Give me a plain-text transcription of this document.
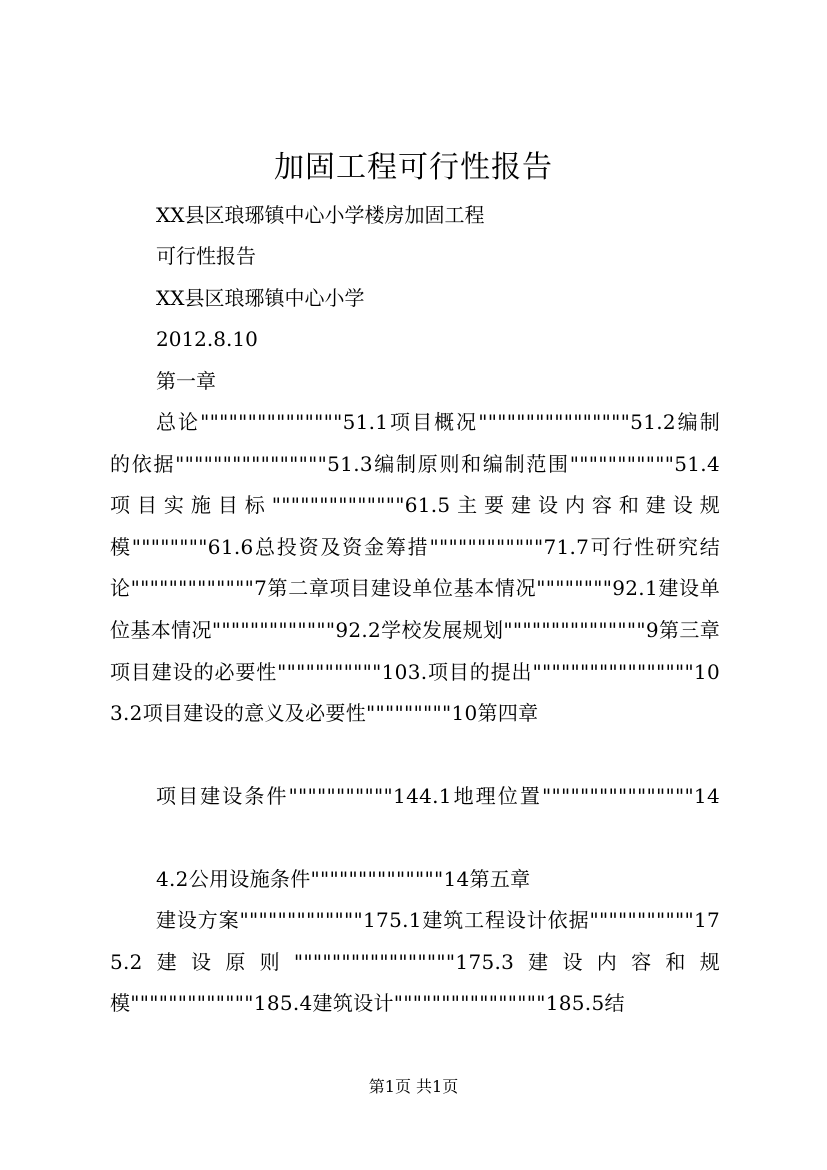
加固工程可行性报告
XX县区琅琊镇中心小学楼房加固工程
可行性报告
XX县区琅琊镇中心小学
2012.8.10
第一章
总论"""""""""""""""51.1项目概况""""""""""""""""51.2编制的依据""""""""""""""""51.3编制原则和编制范围"""""""""""51.4项目实施目标""""""""""""""61.5主要建设内容和建设规模""""""""61.6总投资及资金筹措""""""""""""71.7可行性研究结论"""""""""""""7第二章项目建设单位基本情况""""""""92.1建设单位基本情况"""""""""""""92.2学校发展规划"""""""""""""""9第三章项目建设的必要性"""""""""""103.项目的提出"""""""""""""""""103.2项目建设的意义及必要性"""""""""10第四章
项目建设条件"""""""""""144.1地理位置""""""""""""""""14
4.2公用设施条件""""""""""""""14第五章
建设方案"""""""""""""175.1建筑工程设计依据"""""""""""175.2建设原则"""""""""""""""""175.3建设内容和规模"""""""""""""185.4建筑设计""""""""""""""""185.5结
第1页 共1页
